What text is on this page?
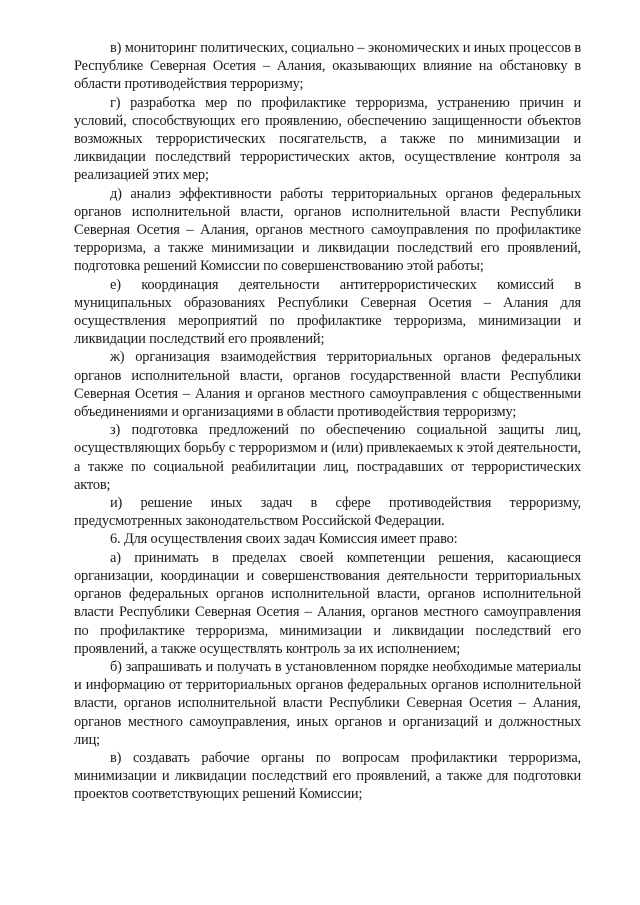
в) мониторинг политических, социально – экономических и иных процессов в Республике Северная Осетия – Алания, оказывающих влияние на обстановку в области противодействия терроризму;

г) разработка мер по профилактике терроризма, устранению причин и условий, способствующих его проявлению, обеспечению защищенности объектов возможных террористических посягательств, а также по минимизации и ликвидации последствий террористических актов, осуществление контроля за реализацией этих мер;

д) анализ эффективности работы территориальных органов федеральных органов исполнительной власти, органов исполнительной власти Республики Северная Осетия – Алания, органов местного самоуправления по профилактике терроризма, а также минимизации и ликвидации последствий его проявлений, подготовка решений Комиссии по совершенствованию этой работы;

е) координация деятельности антитеррористических комиссий в муниципальных образованиях Республики Северная Осетия – Алания для осуществления мероприятий по профилактике терроризма, минимизации и ликвидации последствий его проявлений;

ж) организация взаимодействия территориальных органов федеральных органов исполнительной власти, органов государственной власти Республики Северная Осетия – Алания и органов местного самоуправления с общественными объединениями и организациями в области противодействия терроризму;

з) подготовка предложений по обеспечению социальной защиты лиц, осуществляющих борьбу с терроризмом и (или) привлекаемых к этой деятельности, а также по социальной реабилитации лиц, пострадавших от террористических актов;

и) решение иных задач в сфере противодействия терроризму, предусмотренных законодательством Российской Федерации.

6. Для осуществления своих задач Комиссия имеет право:

а) принимать в пределах своей компетенции решения, касающиеся организации, координации и совершенствования деятельности территориальных органов федеральных органов исполнительной власти, органов исполнительной власти Республики Северная Осетия – Алания, органов местного самоуправления по профилактике терроризма, минимизации и ликвидации последствий его проявлений, а также осуществлять контроль за их исполнением;

б) запрашивать и получать в установленном порядке необходимые материалы и информацию от территориальных органов федеральных органов исполнительной власти, органов исполнительной власти Республики Северная Осетия – Алания, органов местного самоуправления, иных органов и организаций и должностных лиц;

в) создавать рабочие органы по вопросам профилактики терроризма, минимизации и ликвидации последствий его проявлений, а также для подготовки проектов соответствующих решений Комиссии;
